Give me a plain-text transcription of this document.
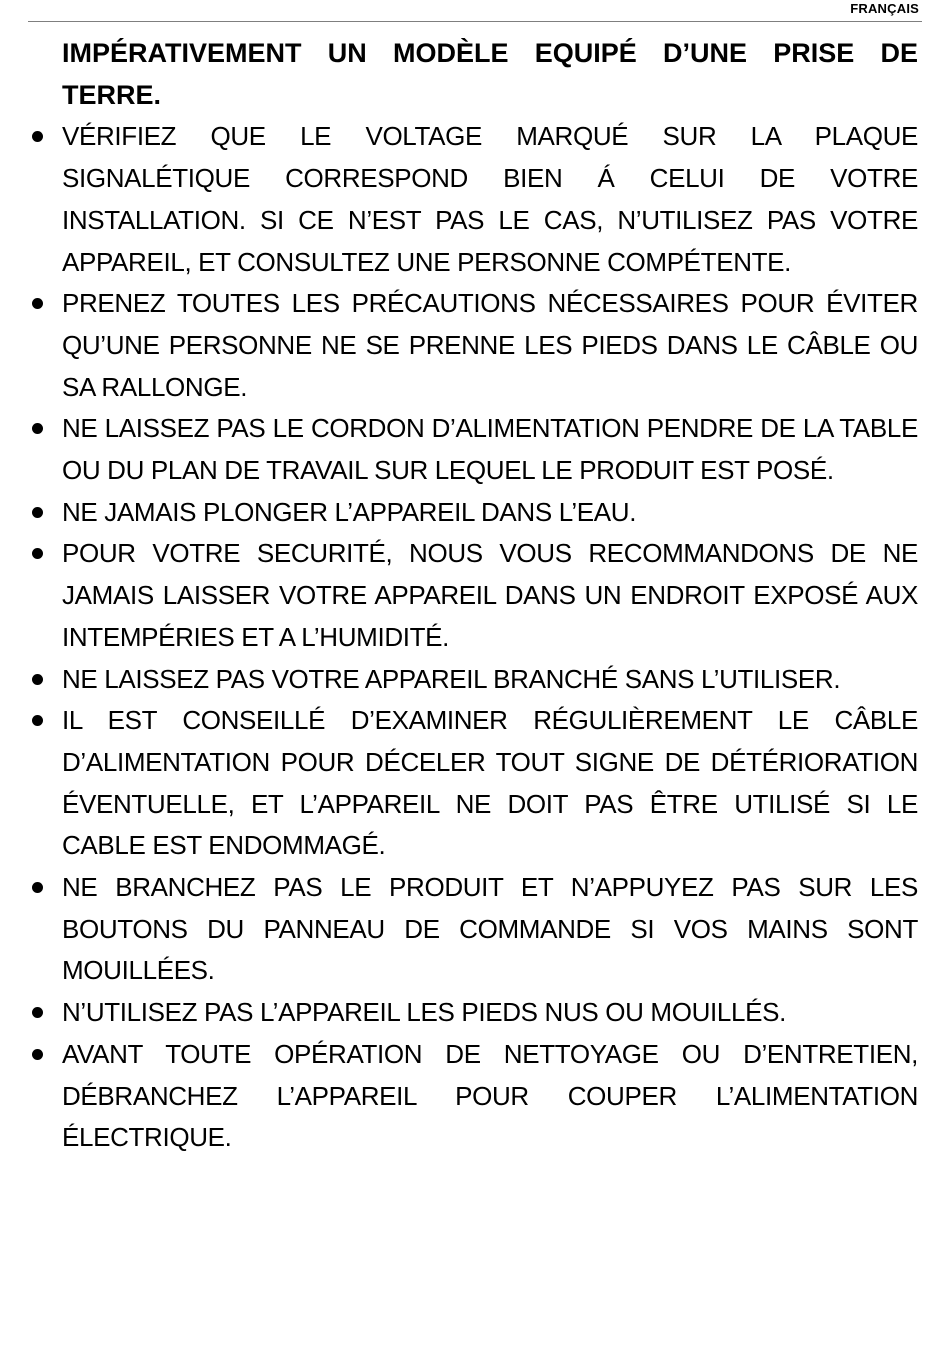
FRANÇAIS

IMPÉRATIVEMENT UN MODÈLE EQUIPÉ D’UNE PRISE DE TERRE.

VÉRIFIEZ QUE LE VOLTAGE MARQUÉ SUR LA PLAQUE SIGNALÉTIQUE CORRESPOND BIEN Á CELUI DE VOTRE INSTALLATION. SI CE N’EST PAS LE CAS, N’UTILISEZ PAS VOTRE APPAREIL, ET CONSULTEZ UNE PERSONNE COMPÉTENTE.
PRENEZ TOUTES LES PRÉCAUTIONS NÉCESSAIRES POUR ÉVITER QU’UNE PERSONNE NE SE PRENNE LES PIEDS DANS LE CÂBLE OU SA RALLONGE.
NE LAISSEZ PAS LE CORDON D’ALIMENTATION PENDRE DE LA TABLE OU DU PLAN DE TRAVAIL SUR LEQUEL LE PRODUIT EST POSÉ.
NE JAMAIS PLONGER L’APPAREIL DANS L’EAU.
POUR VOTRE SECURITÉ, NOUS VOUS RECOMMANDONS DE NE JAMAIS LAISSER VOTRE APPAREIL DANS UN ENDROIT EXPOSÉ AUX INTEMPÉRIES ET A L’HUMIDITÉ.
NE LAISSEZ PAS VOTRE APPAREIL BRANCHÉ SANS L’UTILISER.
IL EST CONSEILLÉ D’EXAMINER RÉGULIÈREMENT LE CÂBLE D’ALIMENTATION POUR DÉCELER TOUT SIGNE DE DÉTÉRIORATION ÉVENTUELLE, ET L’APPAREIL NE DOIT PAS ÊTRE UTILISÉ SI LE CABLE EST ENDOMMAGÉ.
NE BRANCHEZ PAS LE PRODUIT ET N’APPUYEZ PAS SUR LES BOUTONS DU PANNEAU DE COMMANDE SI VOS MAINS SONT MOUILLÉES.
N’UTILISEZ PAS L’APPAREIL LES PIEDS NUS OU MOUILLÉS.
AVANT TOUTE OPÉRATION DE NETTOYAGE OU D’ENTRETIEN, DÉBRANCHEZ L’APPAREIL POUR COUPER L’ALIMENTATION ÉLECTRIQUE.
